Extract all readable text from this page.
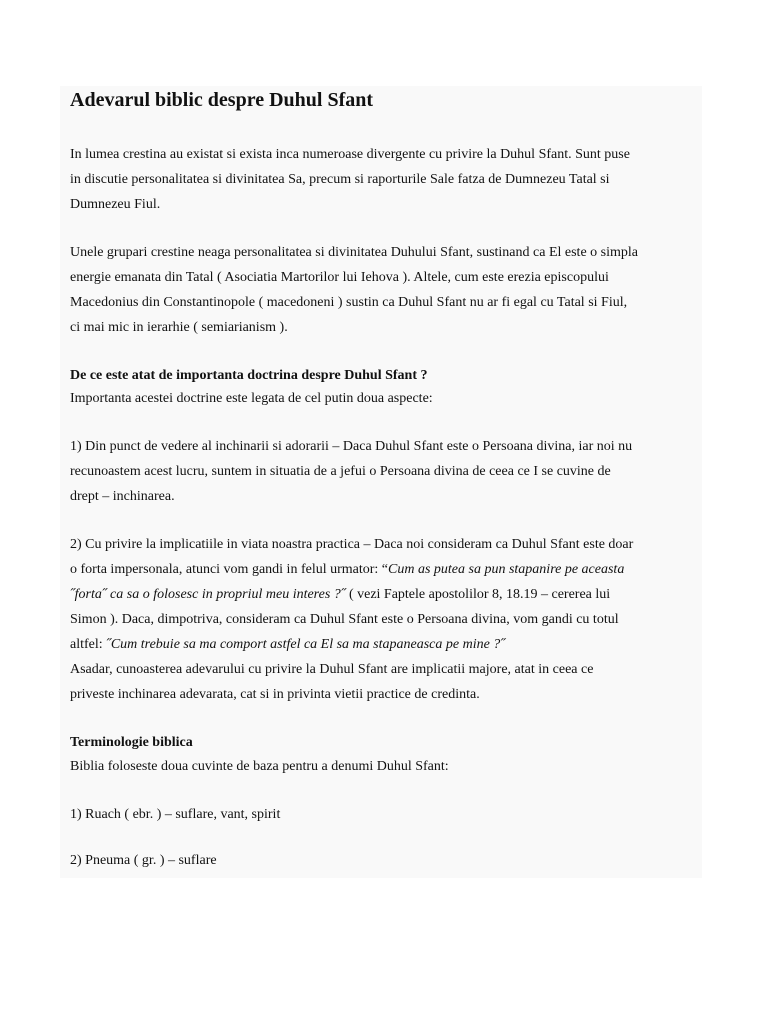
Adevarul biblic despre Duhul Sfant

In lumea crestina au existat si exista inca numeroase divergente cu privire la Duhul Sfant. Sunt puse

in discutie personalitatea si divinitatea Sa, precum si raporturile Sale fatza de Dumnezeu Tatal si

Dumnezeu Fiul.

Unele grupari crestine neaga personalitatea si divinitatea Duhului Sfant, sustinand ca El este o simpla

energie emanata din Tatal ( Asociatia Martorilor lui Iehova ). Altele, cum este erezia episcopului

Macedonius din Constantinopole ( macedoneni ) sustin ca Duhul Sfant nu ar fi egal cu Tatal si Fiul,

ci mai mic in ierarhie ( semiarianism ).

De ce este atat de importanta doctrina despre Duhul Sfant ?

Importanta acestei doctrine este legata de cel putin doua aspecte:

1) Din punct de vedere al inchinarii si adorarii – Daca Duhul Sfant este o Persoana divina, iar noi nu

recunoastem acest lucru, suntem in situatia de a jefui o Persoana divina de ceea ce I se cuvine de

drept – inchinarea.

2) Cu privire la implicatiile in viata noastra practica – Daca noi consideram ca Duhul Sfant este doar

o forta impersonala, atunci vom gandi in felul urmator: “Cum as putea sa pun stapanire pe aceasta

˝forta˝ ca sa o folosesc in propriul meu interes ?˝ ( vezi Faptele apostolilor 8, 18.19 – cererea lui

Simon ). Daca, dimpotriva, consideram ca Duhul Sfant este o Persoana divina, vom gandi cu totul

altfel: ˝Cum trebuie sa ma comport astfel ca El sa ma stapaneasca pe mine ?˝

Asadar, cunoasterea adevarului cu privire la Duhul Sfant are implicatii majore, atat in ceea ce

priveste inchinarea adevarata, cat si in privinta vietii practice de credinta.

Terminologie biblica

Biblia foloseste doua cuvinte de baza pentru a denumi Duhul Sfant:

1) Ruach ( ebr. ) – suflare, vant, spirit

2) Pneuma ( gr. ) – suflare
